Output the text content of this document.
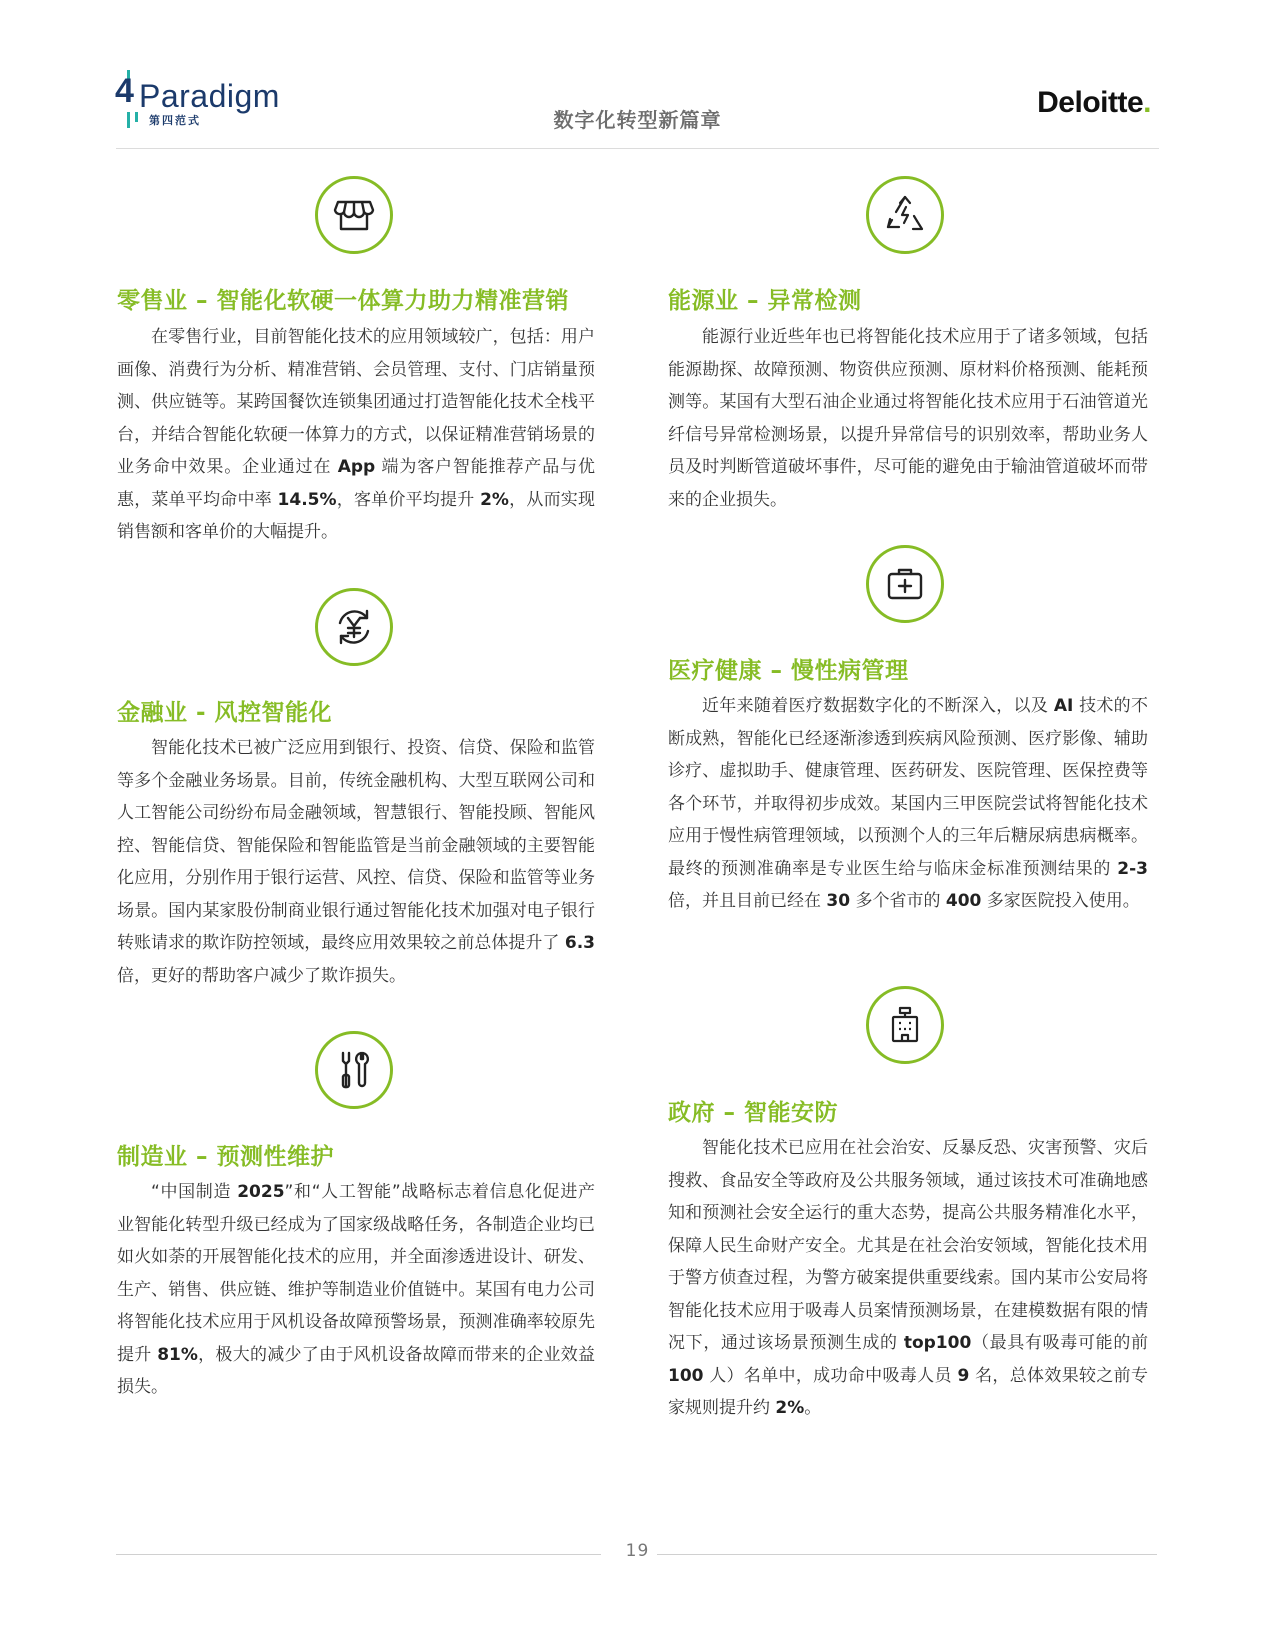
4 Paradigm
第四范式	数字化转型新篇章
Deloitte.
零售业 – 智能化软硬一体算力助力精准营销

在零售行业，目前智能化技术的应用领域较广，包括：用户画像、消费行为分析、精准营销、会员管理、支付、门店销量预测、供应链等。某跨国餐饮连锁集团通过打造智能化技术全栈平台，并结合智能化软硬一体算力的方式，以保证精准营销场景的业务命中效果。企业通过在 App 端为客户智能推荐产品与优惠，菜单平均命中率 14.5%，客单价平均提升 2%，从而实现销售额和客单价的大幅提升。

金融业 - 风控智能化

智能化技术已被广泛应用到银行、投资、信贷、保险和监管等多个金融业务场景。目前，传统金融机构、大型互联网公司和人工智能公司纷纷布局金融领域，智慧银行、智能投顾、智能风控、智能信贷、智能保险和智能监管是当前金融领域的主要智能化应用，分别作用于银行运营、风控、信贷、保险和监管等业务场景。国内某家股份制商业银行通过智能化技术加强对电子银行转账请求的欺诈防控领域，最终应用效果较之前总体提升了 6.3 倍，更好的帮助客户减少了欺诈损失。

制造业 – 预测性维护

“中国制造 2025”和“人工智能”战略标志着信息化促进产业智能化转型升级已经成为了国家级战略任务，各制造企业均已如火如荼的开展智能化技术的应用，并全面渗透进设计、研发、生产、销售、供应链、维护等制造业价值链中。某国有电力公司将智能化技术应用于风机设备故障预警场景，预测准确率较原先提升 81%，极大的减少了由于风机设备故障而带来的企业效益损失。

能源业 – 异常检测

能源行业近些年也已将智能化技术应用于了诸多领域，包括能源勘探、故障预测、物资供应预测、原材料价格预测、能耗预测等。某国有大型石油企业通过将智能化技术应用于石油管道光纤信号异常检测场景，以提升异常信号的识别效率，帮助业务人员及时判断管道破坏事件，尽可能的避免由于输油管道破坏而带来的企业损失。

医疗健康 – 慢性病管理

近年来随着医疗数据数字化的不断深入，以及 AI 技术的不断成熟，智能化已经逐渐渗透到疾病风险预测、医疗影像、辅助诊疗、虚拟助手、健康管理、医药研发、医院管理、医保控费等各个环节，并取得初步成效。某国内三甲医院尝试将智能化技术应用于慢性病管理领域，以预测个人的三年后糖尿病患病概率。最终的预测准确率是专业医生给与临床金标准预测结果的 2-3 倍，并且目前已经在 30 多个省市的 400 多家医院投入使用。

政府 – 智能安防

智能化技术已应用在社会治安、反暴反恐、灾害预警、灾后搜救、食品安全等政府及公共服务领域，通过该技术可准确地感知和预测社会安全运行的重大态势，提高公共服务精准化水平，保障人民生命财产安全。尤其是在社会治安领域，智能化技术用于警方侦查过程，为警方破案提供重要线索。国内某市公安局将智能化技术应用于吸毒人员案情预测场景，在建模数据有限的情况下，通过该场景预测生成的 top100（最具有吸毒可能的前 100 人）名单中，成功命中吸毒人员 9 名，总体效果较之前专家规则提升约 2%。

19
